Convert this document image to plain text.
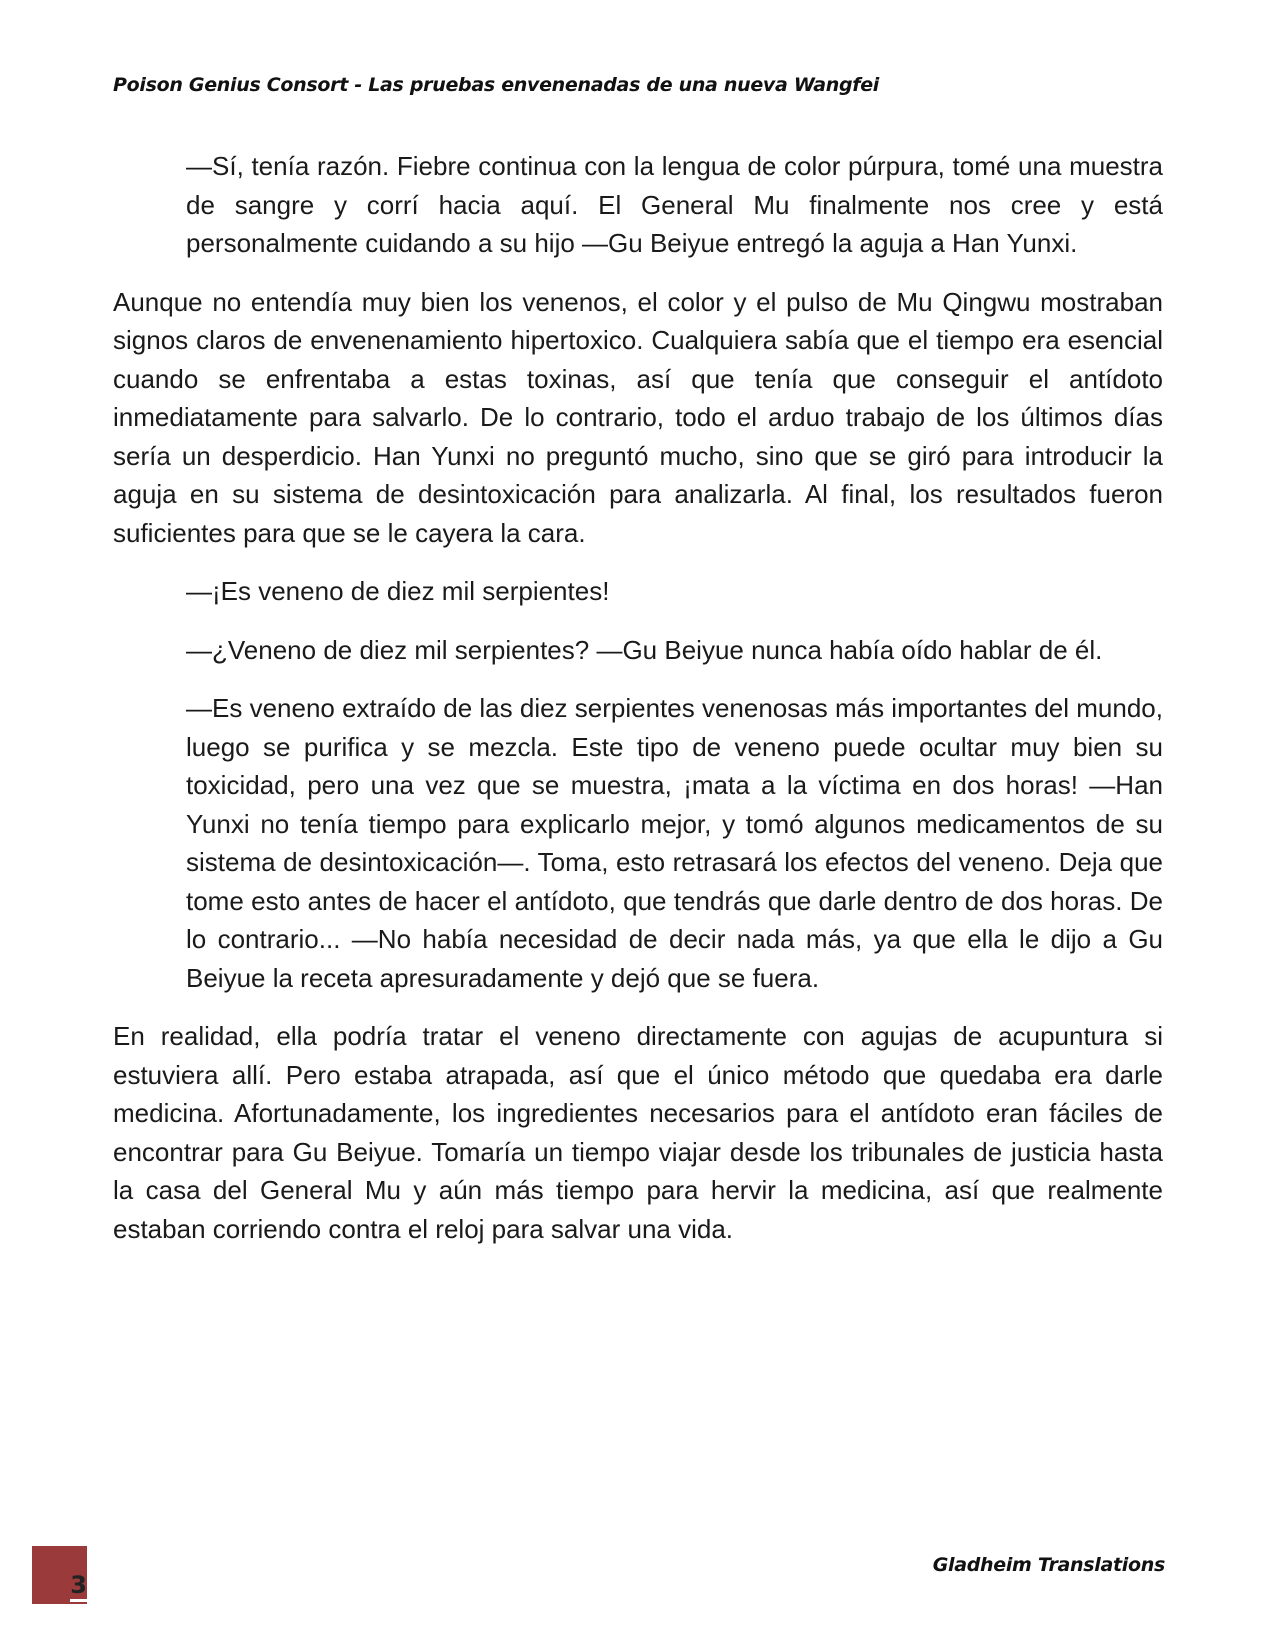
Poison Genius Consort - Las pruebas envenenadas de una nueva Wangfei

—Sí, tenía razón. Fiebre continua con la lengua de color púrpura, tomé una muestra de sangre y corrí hacia aquí. El General Mu finalmente nos cree y está personalmente cuidando a su hijo —Gu Beiyue entregó la aguja a Han Yunxi.

Aunque no entendía muy bien los venenos, el color y el pulso de Mu Qingwu mostraban signos claros de envenenamiento hipertoxico. Cualquiera sabía que el tiempo era esencial cuando se enfrentaba a estas toxinas, así que tenía que conseguir el antídoto inmediatamente para salvarlo. De lo contrario, todo el arduo trabajo de los últimos días sería un desperdicio. Han Yunxi no preguntó mucho, sino que se giró para introducir la aguja en su sistema de desintoxicación para analizarla. Al final, los resultados fueron suficientes para que se le cayera la cara.

—¡Es veneno de diez mil serpientes!

—¿Veneno de diez mil serpientes? —Gu Beiyue nunca había oído hablar de él.

—Es veneno extraído de las diez serpientes venenosas más importantes del mundo, luego se purifica y se mezcla. Este tipo de veneno puede ocultar muy bien su toxicidad, pero una vez que se muestra, ¡mata a la víctima en dos horas! —Han Yunxi no tenía tiempo para explicarlo mejor, y tomó algunos medicamentos de su sistema de desintoxicación—. Toma, esto retrasará los efectos del veneno. Deja que tome esto antes de hacer el antídoto, que tendrás que darle dentro de dos horas. De lo contrario... —No había necesidad de decir nada más, ya que ella le dijo a Gu Beiyue la receta apresuradamente y dejó que se fuera.

En realidad, ella podría tratar el veneno directamente con agujas de acupuntura si estuviera allí. Pero estaba atrapada, así que el único método que quedaba era darle medicina. Afortunadamente, los ingredientes necesarios para el antídoto eran fáciles de encontrar para Gu Beiyue. Tomaría un tiempo viajar desde los tribunales de justicia hasta la casa del General Mu y aún más tiempo para hervir la medicina, así que realmente estaban corriendo contra el reloj para salvar una vida.

3
Gladheim Translations
